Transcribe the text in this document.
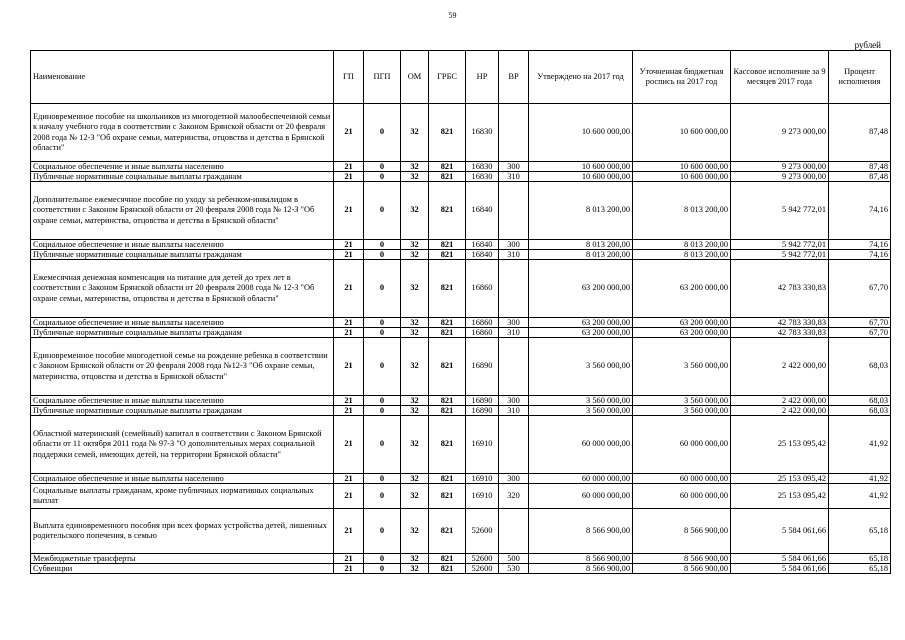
59
рублей
Наименование	ГП	ПГП	ОМ	ГРБС	НР	ВР	Утверждено на 2017 год	Уточненная бюджетная роспись на 2017 год	Кассовое исполнение за 9 месяцев 2017 года	Процент исполнения
Единовременное пособие на школьников из многодетной малообеспеченной семьи к началу учебного года в соответствии с Законом Брянской области от 20 февраля 2008 года № 12-З "Об охране семьи, материнства, отцовства и детства в Брянской области"	21	0	32	821	16830		10 600 000,00	10 600 000,00	9 273 000,00	87,48
Социальное обеспечение и иные выплаты населению	21	0	32	821	16830	300	10 600 000,00	10 600 000,00	9 273 000,00	87,48
Публичные нормативные социальные выплаты гражданам	21	0	32	821	16830	310	10 600 000,00	10 600 000,00	9 273 000,00	87,48
Дополнительное ежемесячное пособие по уходу за ребенком-инвалидом в соответствии с Законом Брянской области от 20 февраля 2008 года № 12-З "Об охране семьи, материнства, отцовства и детства в Брянской области"	21	0	32	821	16840		8 013 200,00	8 013 200,00	5 942 772,01	74,16
Социальное обеспечение и иные выплаты населению	21	0	32	821	16840	300	8 013 200,00	8 013 200,00	5 942 772,01	74,16
Публичные нормативные социальные выплаты гражданам	21	0	32	821	16840	310	8 013 200,00	8 013 200,00	5 942 772,01	74,16
Ежемесячная денежная компенсация на питание для детей до трех лет в соответствии с Законом Брянской области от 20 февраля 2008 года № 12-З "Об охране семьи, материнства, отцовства и детства в Брянской области"	21	0	32	821	16860		63 200 000,00	63 200 000,00	42 783 330,83	67,70
Социальное обеспечение и иные выплаты населению	21	0	32	821	16860	300	63 200 000,00	63 200 000,00	42 783 330,83	67,70
Публичные нормативные социальные выплаты гражданам	21	0	32	821	16860	310	63 200 000,00	63 200 000,00	42 783 330,83	67,70
Единовременное пособие многодетной семье на рождение ребенка в соответствии с Законом Брянской области от 20 февраля 2008 года №12-З "Об охране семьи, материнства, отцовства и детства в Брянской области"	21	0	32	821	16890		3 560 000,00	3 560 000,00	2 422 000,00	68,03
Социальное обеспечение и иные выплаты населению	21	0	32	821	16890	300	3 560 000,00	3 560 000,00	2 422 000,00	68,03
Публичные нормативные социальные выплаты гражданам	21	0	32	821	16890	310	3 560 000,00	3 560 000,00	2 422 000,00	68,03
Областной материнский (семейный) капитал в соответствии с Законом Брянской области от 11 октября 2011 года № 97-З "О дополнительных мерах социальной поддержки семей, имеющих детей, на территории Брянской области"	21	0	32	821	16910		60 000 000,00	60 000 000,00	25 153 095,42	41,92
Социальное обеспечение и иные выплаты населению	21	0	32	821	16910	300	60 000 000,00	60 000 000,00	25 153 095,42	41,92
Социальные выплаты гражданам, кроме публичных нормативных социальных выплат	21	0	32	821	16910	320	60 000 000,00	60 000 000,00	25 153 095,42	41,92
Выплата единовременного пособия при всех формах устройства детей, лишенных родительского попечения, в семью	21	0	32	821	52600		8 566 900,00	8 566 900,00	5 584 061,66	65,18
Межбюджетные трансферты	21	0	32	821	52600	500	8 566 900,00	8 566 900,00	5 584 061,66	65,18
Субвенции	21	0	32	821	52600	530	8 566 900,00	8 566 900,00	5 584 061,66	65,18
